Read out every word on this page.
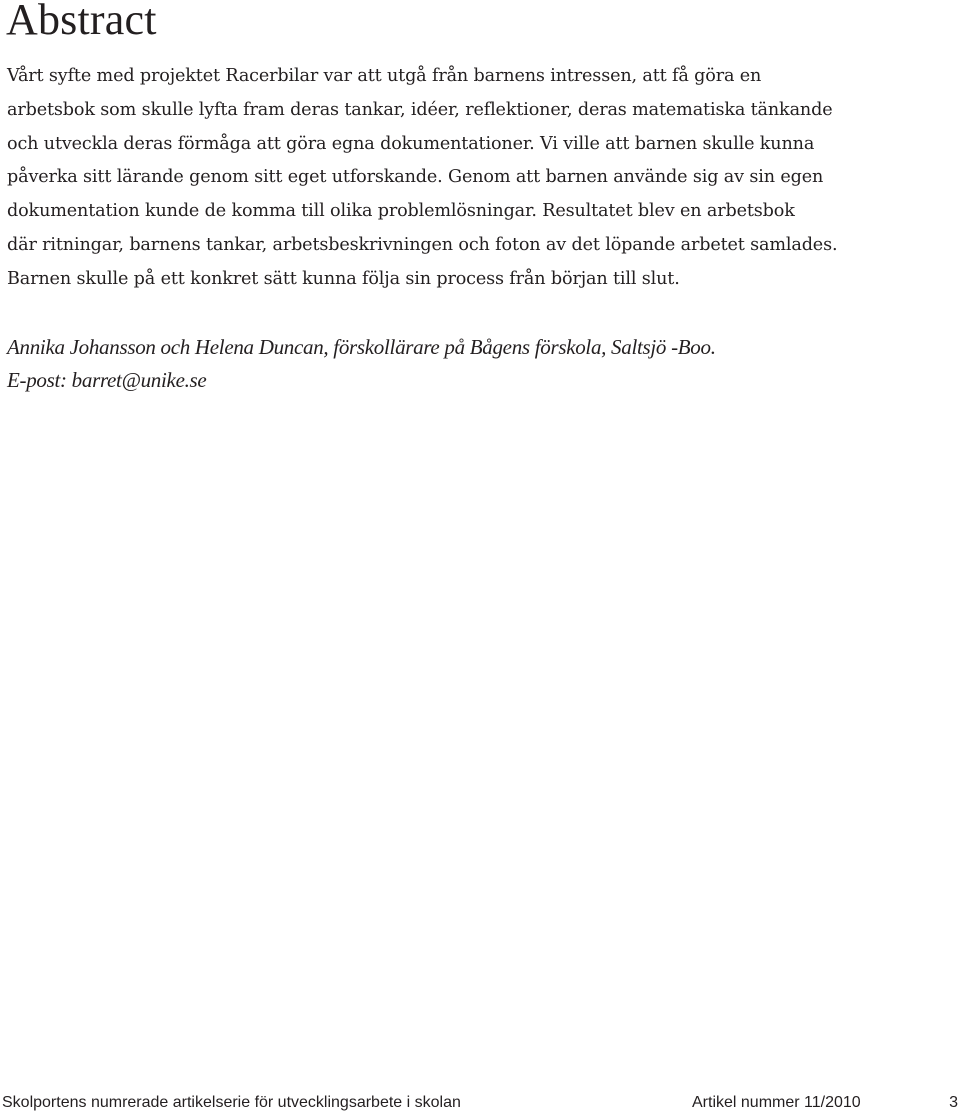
Abstract
Vårt syfte med projektet Racerbilar var att utgå från barnens intressen, att få göra en
arbetsbok som skulle lyfta fram deras tankar, idéer, reflektioner, deras matematiska tänkande
och utveckla deras förmåga att göra egna dokumentationer. Vi ville att barnen skulle kunna
påverka sitt lärande genom sitt eget utforskande. Genom att barnen använde sig av sin egen
dokumentation kunde de komma till olika problemlösningar. Resultatet blev en arbetsbok
där ritningar, barnens tankar, arbetsbeskrivningen och foton av det löpande arbetet samlades.
Barnen skulle på ett konkret sätt kunna följa sin process från början till slut.
Annika Johansson och Helena Duncan, förskollärare på Bågens förskola, Saltsjö -Boo.
E-post: barret@unike.se
Skolportens numrerade artikelserie för utvecklingsarbete i skolan	Artikel nummer 11/2010	3
